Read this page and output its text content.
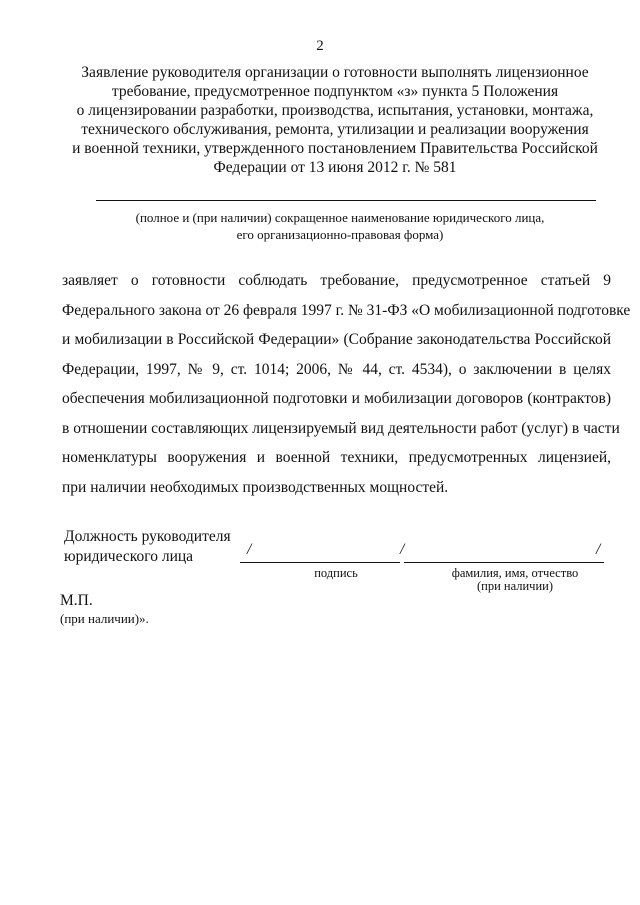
2
Заявление руководителя организации о готовности выполнять лицензионное
требование, предусмотренное подпунктом «з» пункта 5 Положения
о лицензировании разработки, производства, испытания, установки, монтажа,
технического обслуживания, ремонта, утилизации и реализации вооружения
и военной техники, утвержденного постановлением Правительства Российской
Федерации от 13 июня 2012 г. № 581
(полное и (при наличии) сокращенное наименование юридического лица,
его организационно-правовая форма)
заявляет о готовности соблюдать требование, предусмотренное статьей 9
Федерального закона от 26 февраля 1997 г. № 31-ФЗ «О мобилизационной подготовке
и мобилизации в Российской Федерации» (Собрание законодательства Российской
Федерации, 1997, № 9, ст. 1014; 2006, № 44, ст. 4534), о заключении в целях
обеспечения мобилизационной подготовки и мобилизации договоров (контрактов)
в отношении составляющих лицензируемый вид деятельности работ (услуг) в части
номенклатуры вооружения и военной техники, предусмотренных лицензией,
при наличии необходимых производственных мощностей.
Должность руководителя
юридического лица	/	/	/
подпись	фамилия, имя, отчество
(при наличии)
М.П.
(при наличии)».
